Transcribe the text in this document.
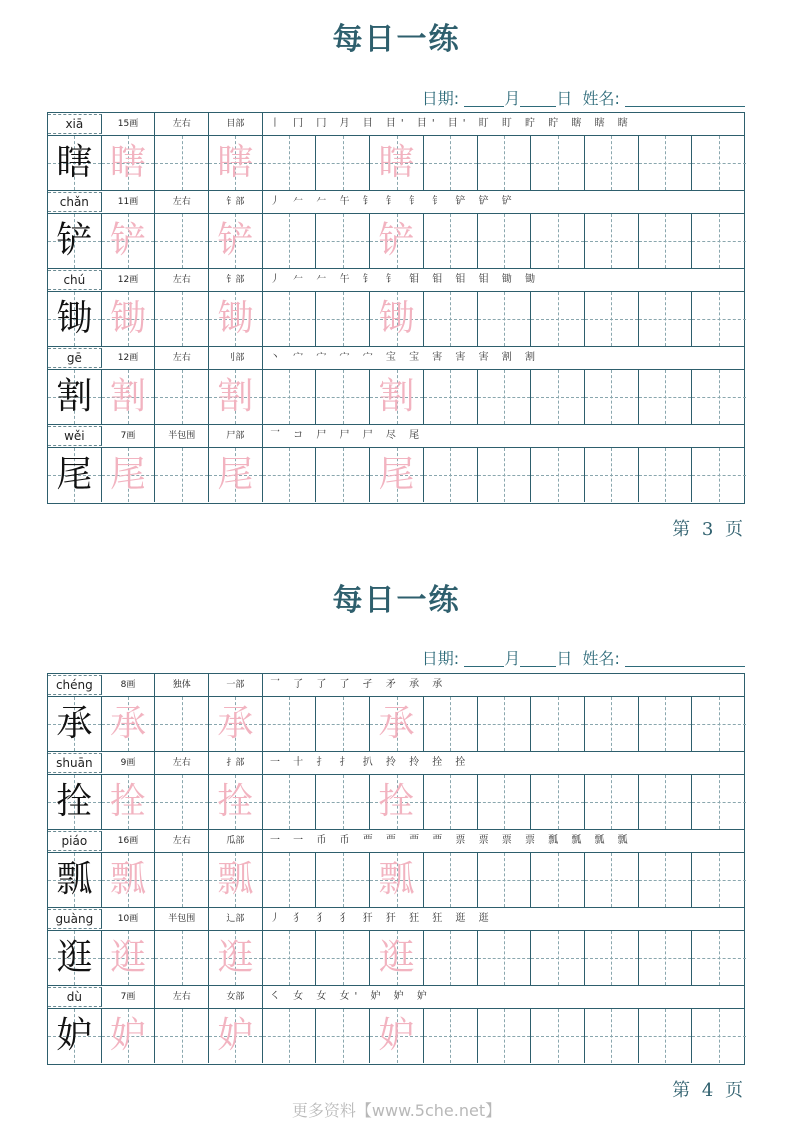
每日一练
日期:	月 日 姓名:
xiā	15画	左右	目部	丨 冂 冂 月 目 目' 目' 目' 盯 盯 眝 眝 瞎 瞎 瞎
瞎 瞎 瞎	瞎
chǎn	11画	左右	钅部	丿 𠂉 𠂉 午 钅 钅 钅 钅 铲 铲 铲
铲 铲 铲	铲
chú	12画	左右	钅部	丿 𠂉 𠂉 午 钅 钅 钼 钼 钼 钼 锄 锄
锄 锄 锄	锄
gē	12画	左右	刂部	丶 宀 宀 宀 宀 宝 宝 害 害 害 割 割
割 割 割	割
wěi	7画	半包围	尸部	乛 コ 尸 尸 尸 尽 尾
尾 尾 尾	尾
第 3 页
每日一练
日期:	月 日 姓名:
chéng	8画	独体	一部	乛 了 了 了 孑 矛 承 承
承 承 承	承
shuān	9画	左右	扌部	一 十 扌 扌 扒 拎 拎 拴 拴
拴 拴 拴	拴
piáo	16画	左右	瓜部	一 一 币 币 覀 覀 覀 覀 票 票 票 票 瓢 瓢 瓢 瓢
瓢 瓢 瓢	瓢
guàng	10画	半包围	辶部	丿 犭 犭 犭 犴 犴 狂 狂 逛 逛
逛 逛 逛	逛
dù	7画	左右	女部	㇛ 女 女 女' 妒 妒 妒
妒 妒 妒	妒
第 4 页
更多资料【www.5che.net】
